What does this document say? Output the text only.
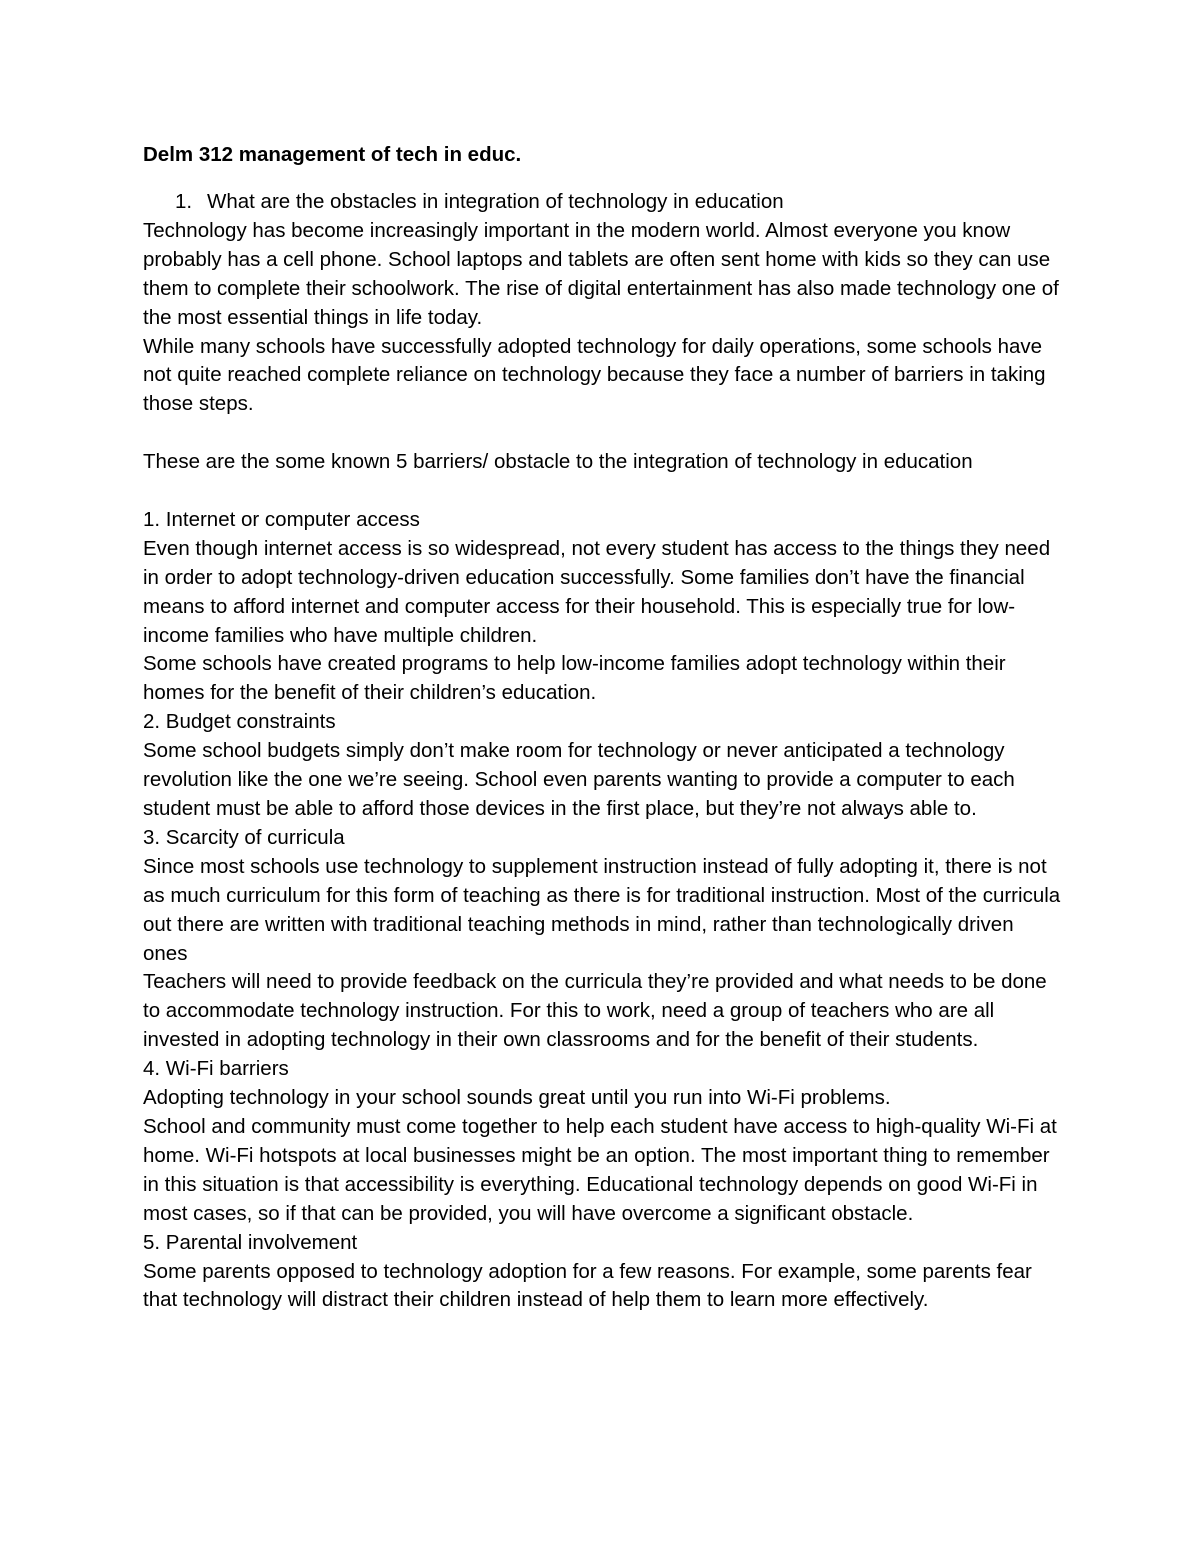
Delm 312 management of tech in educ.

1. What are the obstacles in integration of technology in education

Technology has become increasingly important in the modern world. Almost everyone you know probably has a cell phone. School laptops and tablets are often sent home with kids so they can use them to complete their schoolwork. The rise of digital entertainment has also made technology one of the most essential things in life today.

While many schools have successfully adopted technology for daily operations, some schools have not quite reached complete reliance on technology because they face a number of barriers in taking those steps.

These are the some known 5 barriers/ obstacle to the integration of technology in education

1. Internet or computer access

Even though internet access is so widespread, not every student has access to the things they need in order to adopt technology-driven education successfully. Some families don’t have the financial means to afford internet and computer access for their household. This is especially true for low-income families who have multiple children.

Some schools have created programs to help low-income families adopt technology within their homes for the benefit of their children’s education.

2. Budget constraints

Some school budgets simply don’t make room for technology or never anticipated a technology revolution like the one we’re seeing. School even parents wanting to provide a computer to each student must be able to afford those devices in the first place, but they’re not always able to.

3. Scarcity of curricula

Since most schools use technology to supplement instruction instead of fully adopting it, there is not as much curriculum for this form of teaching as there is for traditional instruction. Most of the curricula out there are written with traditional teaching methods in mind, rather than technologically driven ones

Teachers will need to provide feedback on the curricula they’re provided and what needs to be done to accommodate technology instruction. For this to work, need a group of teachers who are all invested in adopting technology in their own classrooms and for the benefit of their students.

4. Wi-Fi barriers

Adopting technology in your school sounds great until you run into Wi-Fi problems.

School and community must come together to help each student have access to high-quality Wi-Fi at home. Wi-Fi hotspots at local businesses might be an option. The most important thing to remember in this situation is that accessibility is everything. Educational technology depends on good Wi-Fi in most cases, so if that can be provided, you will have overcome a significant obstacle.

5. Parental involvement

Some parents opposed to technology adoption for a few reasons. For example, some parents fear that technology will distract their children instead of help them to learn more effectively.
